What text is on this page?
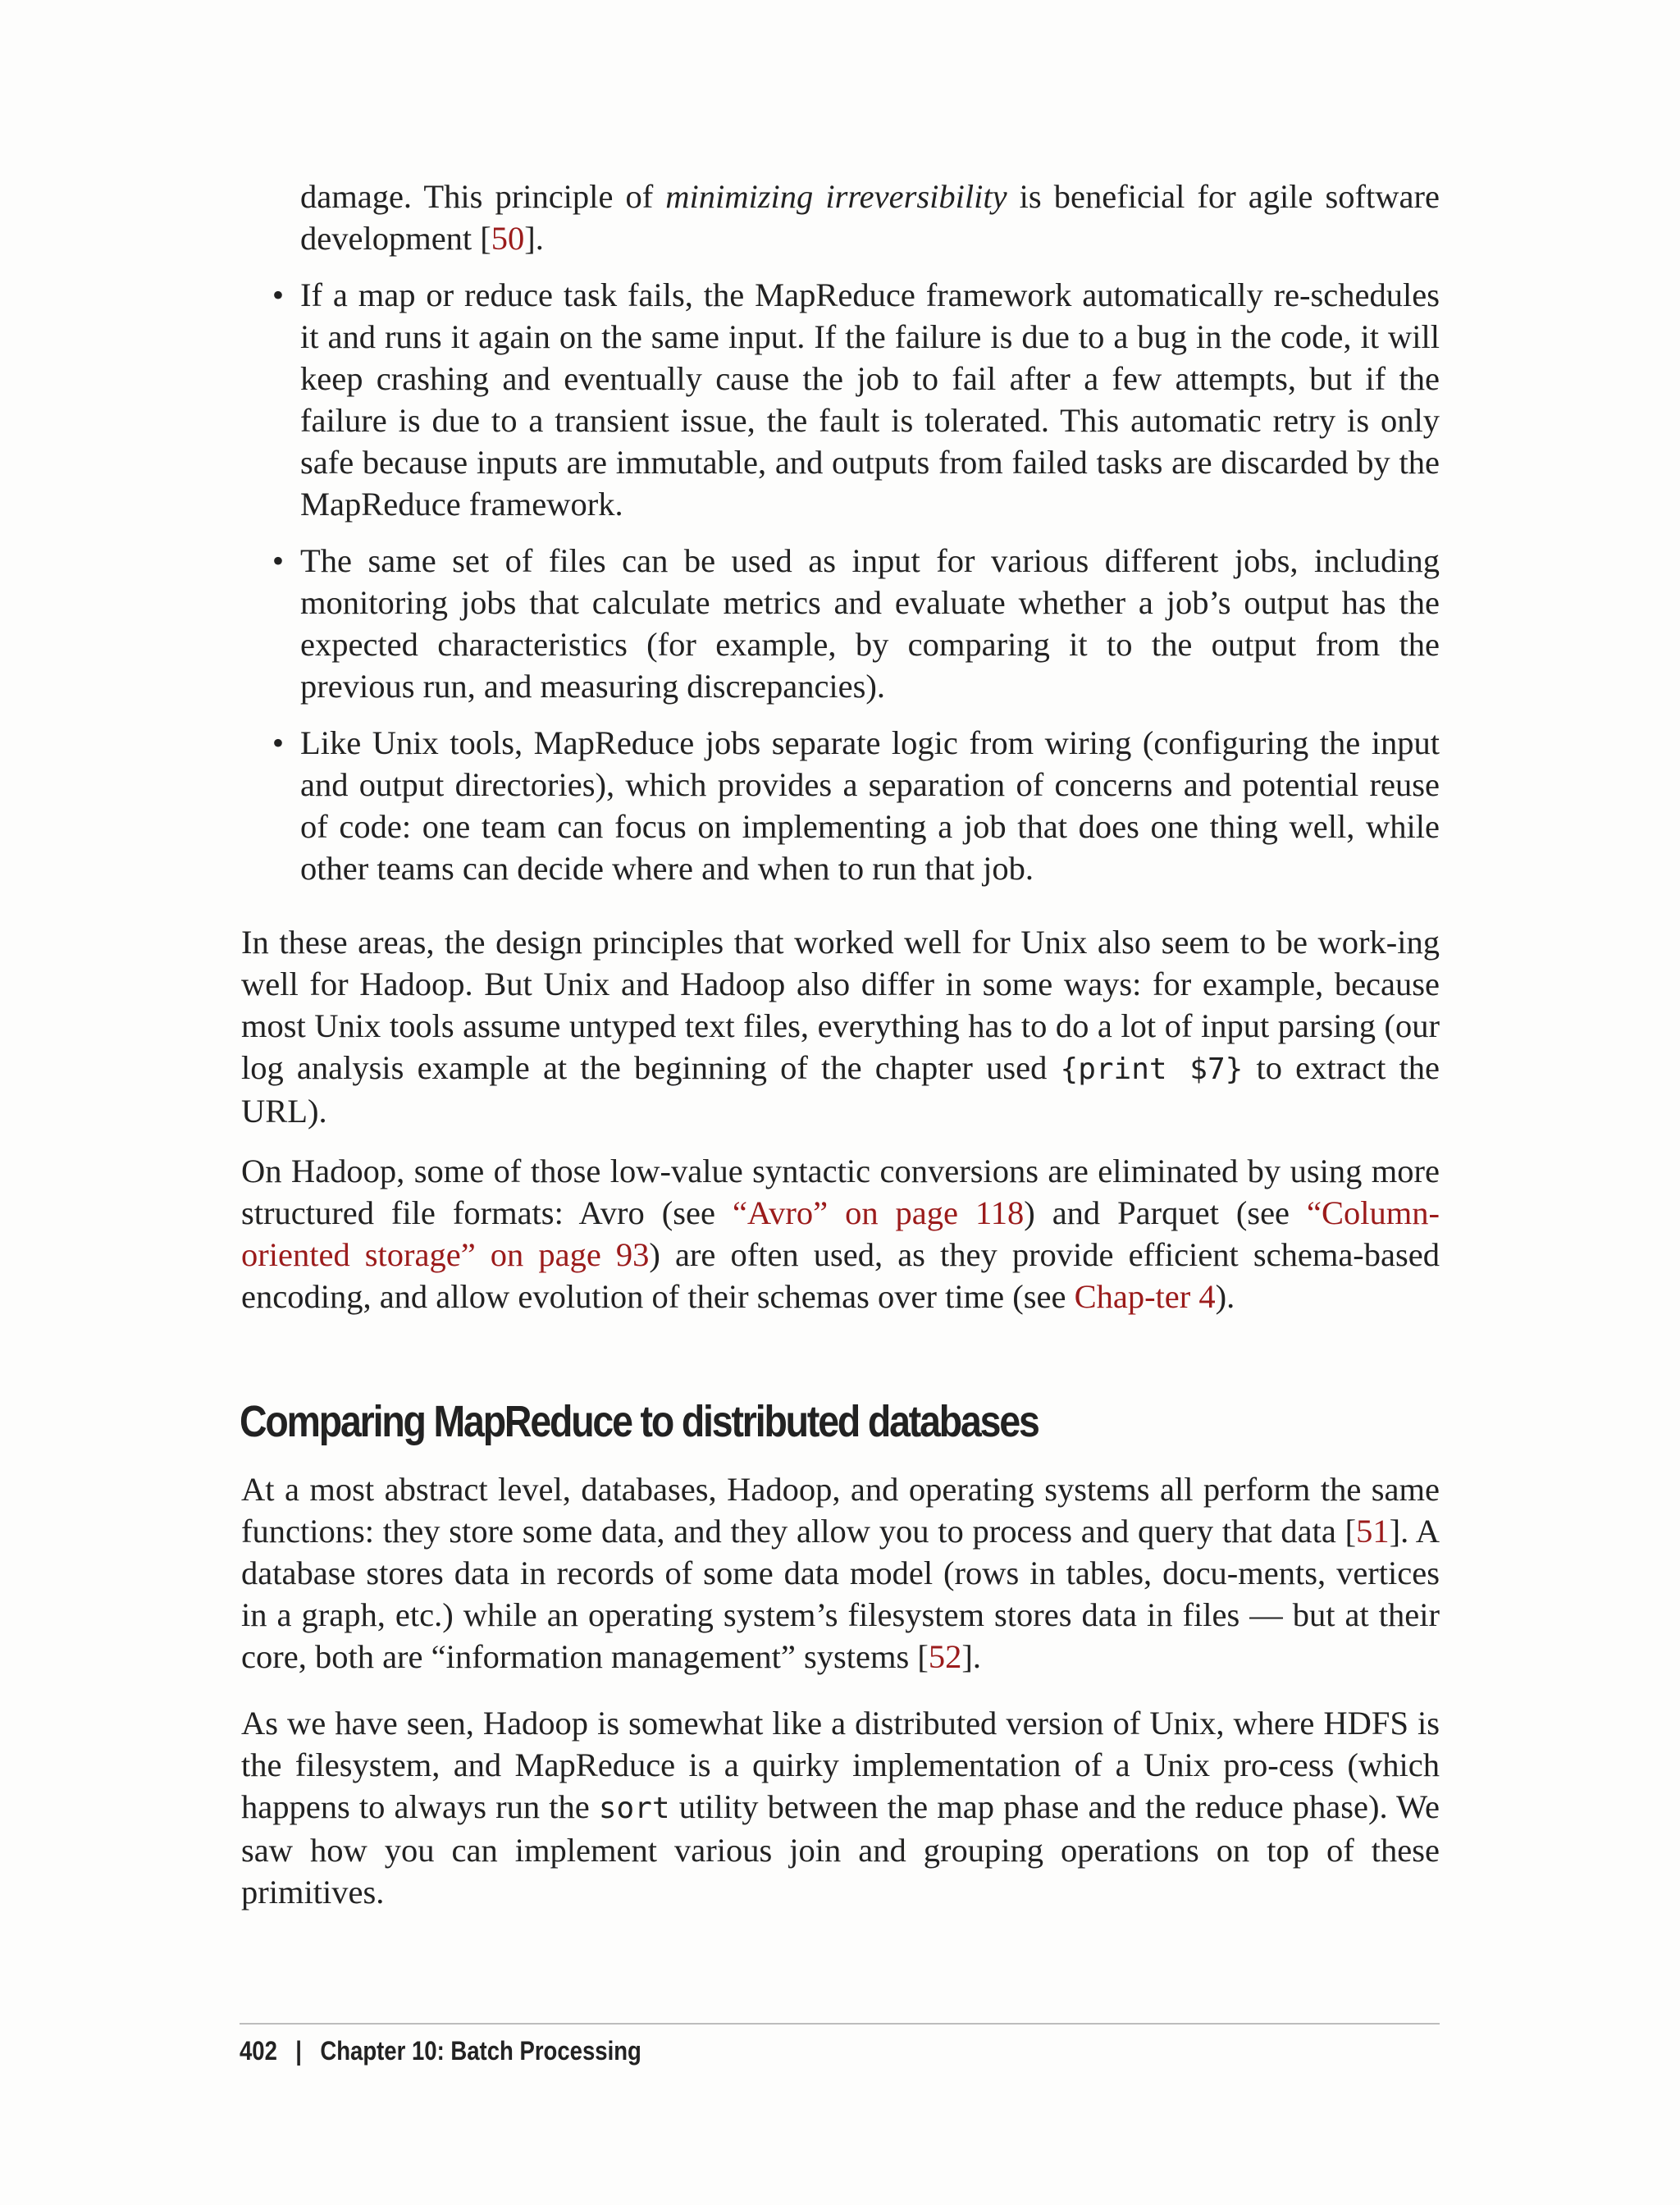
damage. This principle of minimizing irreversibility is beneficial for agile software development [50].

• If a map or reduce task fails, the MapReduce framework automatically re-schedules it and runs it again on the same input. If the failure is due to a bug in the code, it will keep crashing and eventually cause the job to fail after a few attempts, but if the failure is due to a transient issue, the fault is tolerated. This automatic retry is only safe because inputs are immutable, and outputs from failed tasks are discarded by the MapReduce framework.

• The same set of files can be used as input for various different jobs, including monitoring jobs that calculate metrics and evaluate whether a job’s output has the expected characteristics (for example, by comparing it to the output from the previous run, and measuring discrepancies).

• Like Unix tools, MapReduce jobs separate logic from wiring (configuring the input and output directories), which provides a separation of concerns and potential reuse of code: one team can focus on implementing a job that does one thing well, while other teams can decide where and when to run that job.

In these areas, the design principles that worked well for Unix also seem to be work-ing well for Hadoop. But Unix and Hadoop also differ in some ways: for example, because most Unix tools assume untyped text files, everything has to do a lot of input parsing (our log analysis example at the beginning of the chapter used {print $7} to extract the URL).

On Hadoop, some of those low-value syntactic conversions are eliminated by using more structured file formats: Avro (see “Avro” on page 118) and Parquet (see “Column-oriented storage” on page 93) are often used, as they provide efficient schema-based encoding, and allow evolution of their schemas over time (see Chap-ter 4).

Comparing MapReduce to distributed databases

At a most abstract level, databases, Hadoop, and operating systems all perform the same functions: they store some data, and they allow you to process and query that data [51]. A database stores data in records of some data model (rows in tables, docu-ments, vertices in a graph, etc.) while an operating system’s filesystem stores data in files — but at their core, both are “information management” systems [52].

As we have seen, Hadoop is somewhat like a distributed version of Unix, where HDFS is the filesystem, and MapReduce is a quirky implementation of a Unix pro-cess (which happens to always run the sort utility between the map phase and the reduce phase). We saw how you can implement various join and grouping operations on top of these primitives.

402 | Chapter 10: Batch Processing
